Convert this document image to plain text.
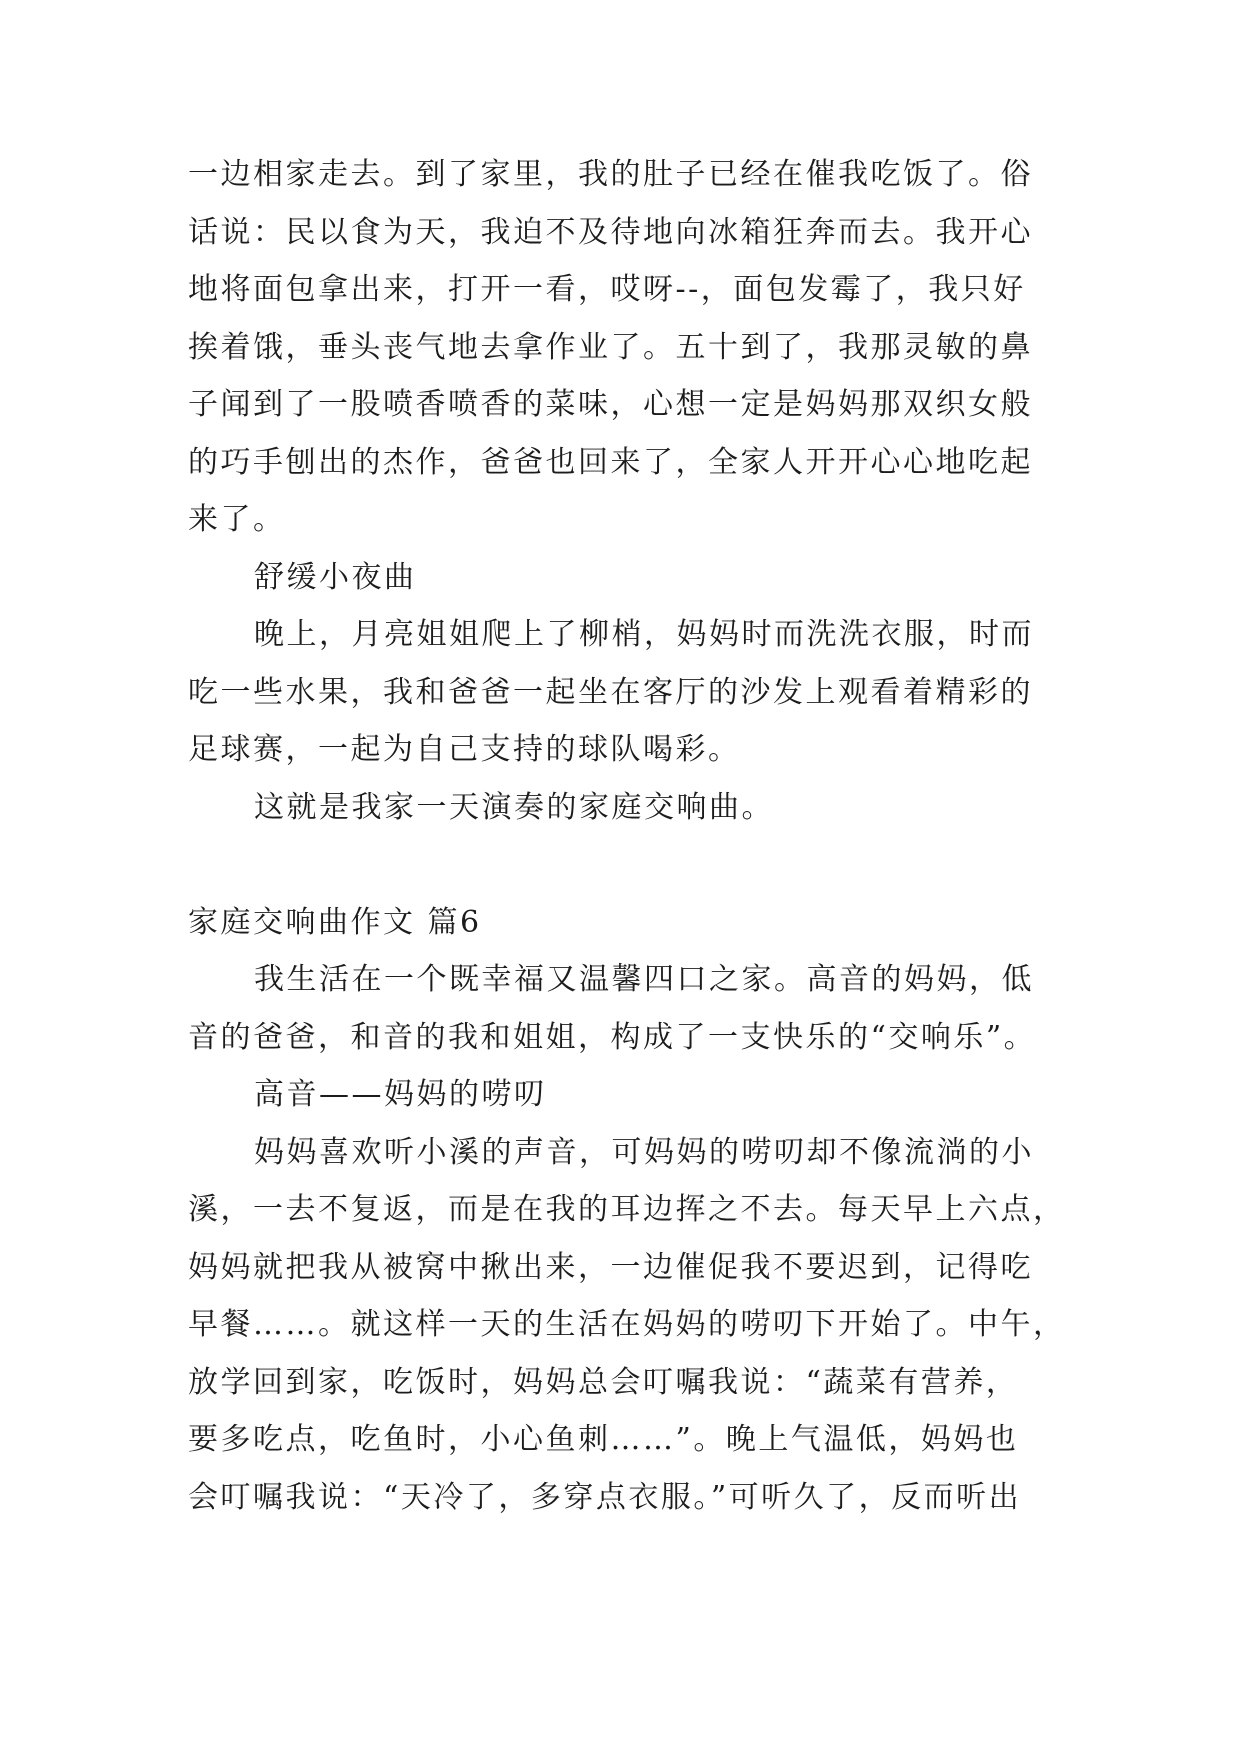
一边相家走去。到了家里，我的肚子已经在催我吃饭了。俗
话说：民以食为天，我迫不及待地向冰箱狂奔而去。我开心
地将面包拿出来，打开一看，哎呀--，面包发霉了，我只好
挨着饿，垂头丧气地去拿作业了。五十到了，我那灵敏的鼻
子闻到了一股喷香喷香的菜味，心想一定是妈妈那双织女般
的巧手刨出的杰作，爸爸也回来了，全家人开开心心地吃起
来了。
舒缓小夜曲
晚上，月亮姐姐爬上了柳梢，妈妈时而洗洗衣服，时而
吃一些水果，我和爸爸一起坐在客厅的沙发上观看着精彩的
足球赛，一起为自己支持的球队喝彩。
这就是我家一天演奏的家庭交响曲。
家庭交响曲作文 篇6
我生活在一个既幸福又温馨四口之家。高音的妈妈，低
音的爸爸，和音的我和姐姐，构成了一支快乐的“交响乐”。
高音——妈妈的唠叨
妈妈喜欢听小溪的声音，可妈妈的唠叨却不像流淌的小
溪，一去不复返，而是在我的耳边挥之不去。每天早上六点，
妈妈就把我从被窝中揪出来，一边催促我不要迟到，记得吃
早餐……。就这样一天的生活在妈妈的唠叨下开始了。中午，
放学回到家，吃饭时，妈妈总会叮嘱我说：“蔬菜有营养，
要多吃点，吃鱼时，小心鱼刺……”。晚上气温低，妈妈也
会叮嘱我说：“天冷了，多穿点衣服。”可听久了，反而听出
